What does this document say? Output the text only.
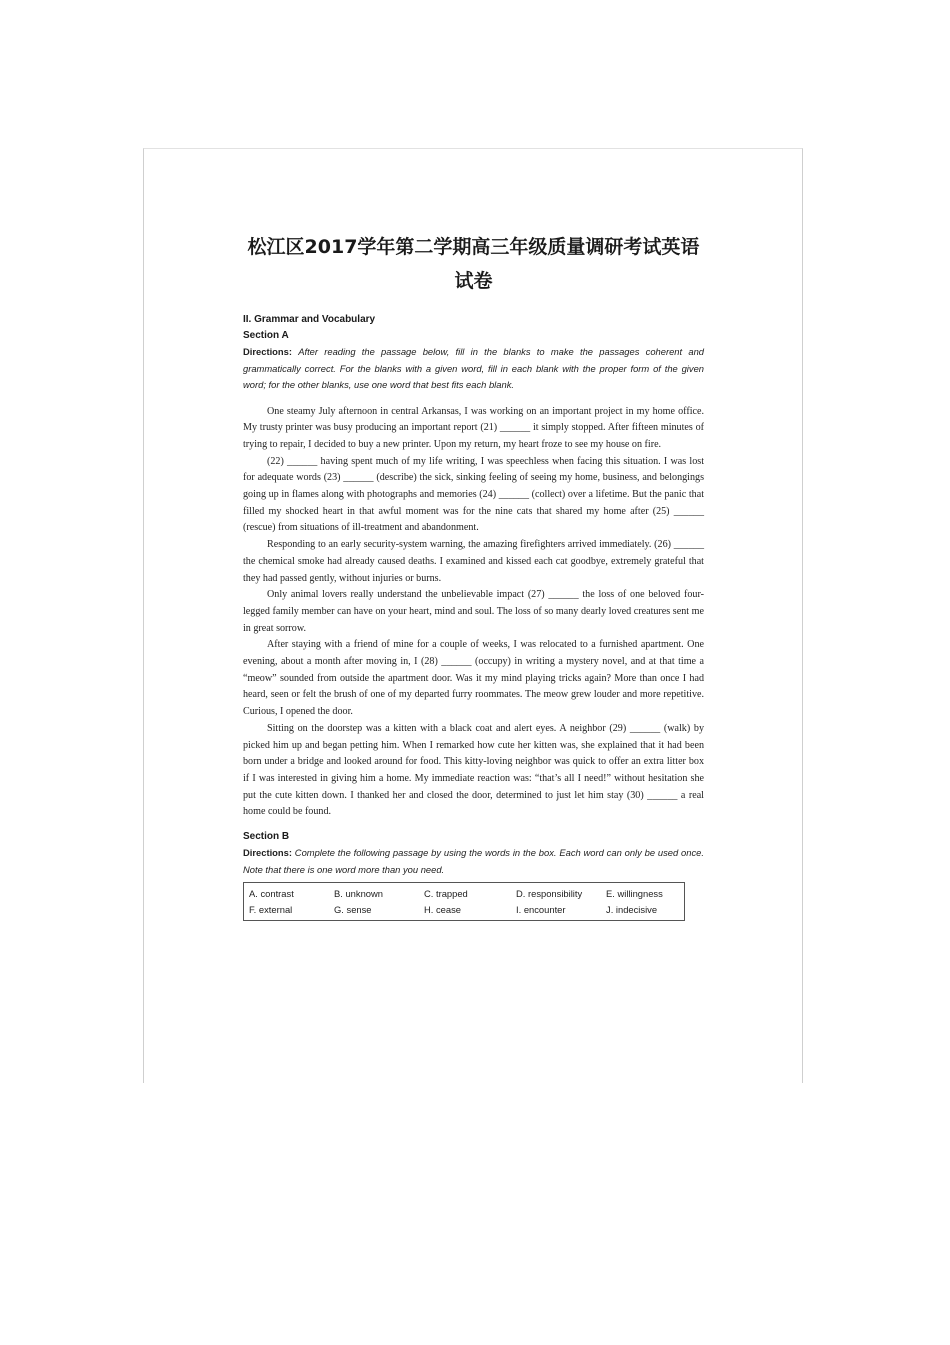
松江区2017学年第二学期高三年级质量调研考试英语试卷
II. Grammar and Vocabulary
Section A
Directions: After reading the passage below, fill in the blanks to make the passages coherent and grammatically correct. For the blanks with a given word, fill in each blank with the proper form of the given word; for the other blanks, use one word that best fits each blank.

One steamy July afternoon in central Arkansas, I was working on an important project in my home office. My trusty printer was busy producing an important report (21) ______ it simply stopped. After fifteen minutes of trying to repair, I decided to buy a new printer. Upon my return, my heart froze to see my house on fire.

(22) ______ having spent much of my life writing, I was speechless when facing this situation. I was lost for adequate words (23) ______ (describe) the sick, sinking feeling of seeing my home, business, and belongings going up in flames along with photographs and memories (24) ______ (collect) over a lifetime. But the panic that filled my shocked heart in that awful moment was for the nine cats that shared my home after (25) ______ (rescue) from situations of ill-treatment and abandonment.

Responding to an early security-system warning, the amazing firefighters arrived immediately. (26) ______ the chemical smoke had already caused deaths. I examined and kissed each cat goodbye, extremely grateful that they had passed gently, without injuries or burns.

Only animal lovers really understand the unbelievable impact (27) ______ the loss of one beloved four-legged family member can have on your heart, mind and soul. The loss of so many dearly loved creatures sent me in great sorrow.

After staying with a friend of mine for a couple of weeks, I was relocated to a furnished apartment. One evening, about a month after moving in, I (28) ______ (occupy) in writing a mystery novel, and at that time a “meow” sounded from outside the apartment door. Was it my mind playing tricks again? More than once I had heard, seen or felt the brush of one of my departed furry roommates. The meow grew louder and more repetitive. Curious, I opened the door.

Sitting on the doorstep was a kitten with a black coat and alert eyes. A neighbor (29) ______ (walk) by picked him up and began petting him. When I remarked how cute her kitten was, she explained that it had been born under a bridge and looked around for food. This kitty-loving neighbor was quick to offer an extra litter box if I was interested in giving him a home. My immediate reaction was: “that’s all I need!” without hesitation she put the cute kitten down. I thanked her and closed the door, determined to just let him stay (30) ______ a real home could be found.

Section B
Directions: Complete the following passage by using the words in the box. Each word can only be used once.    Note that there is one word more than you need.
A. contrast	B. unknown	C. trapped	D. responsibility	E. willingness
F. external	G. sense	H. cease	I. encounter	J. indecisive
